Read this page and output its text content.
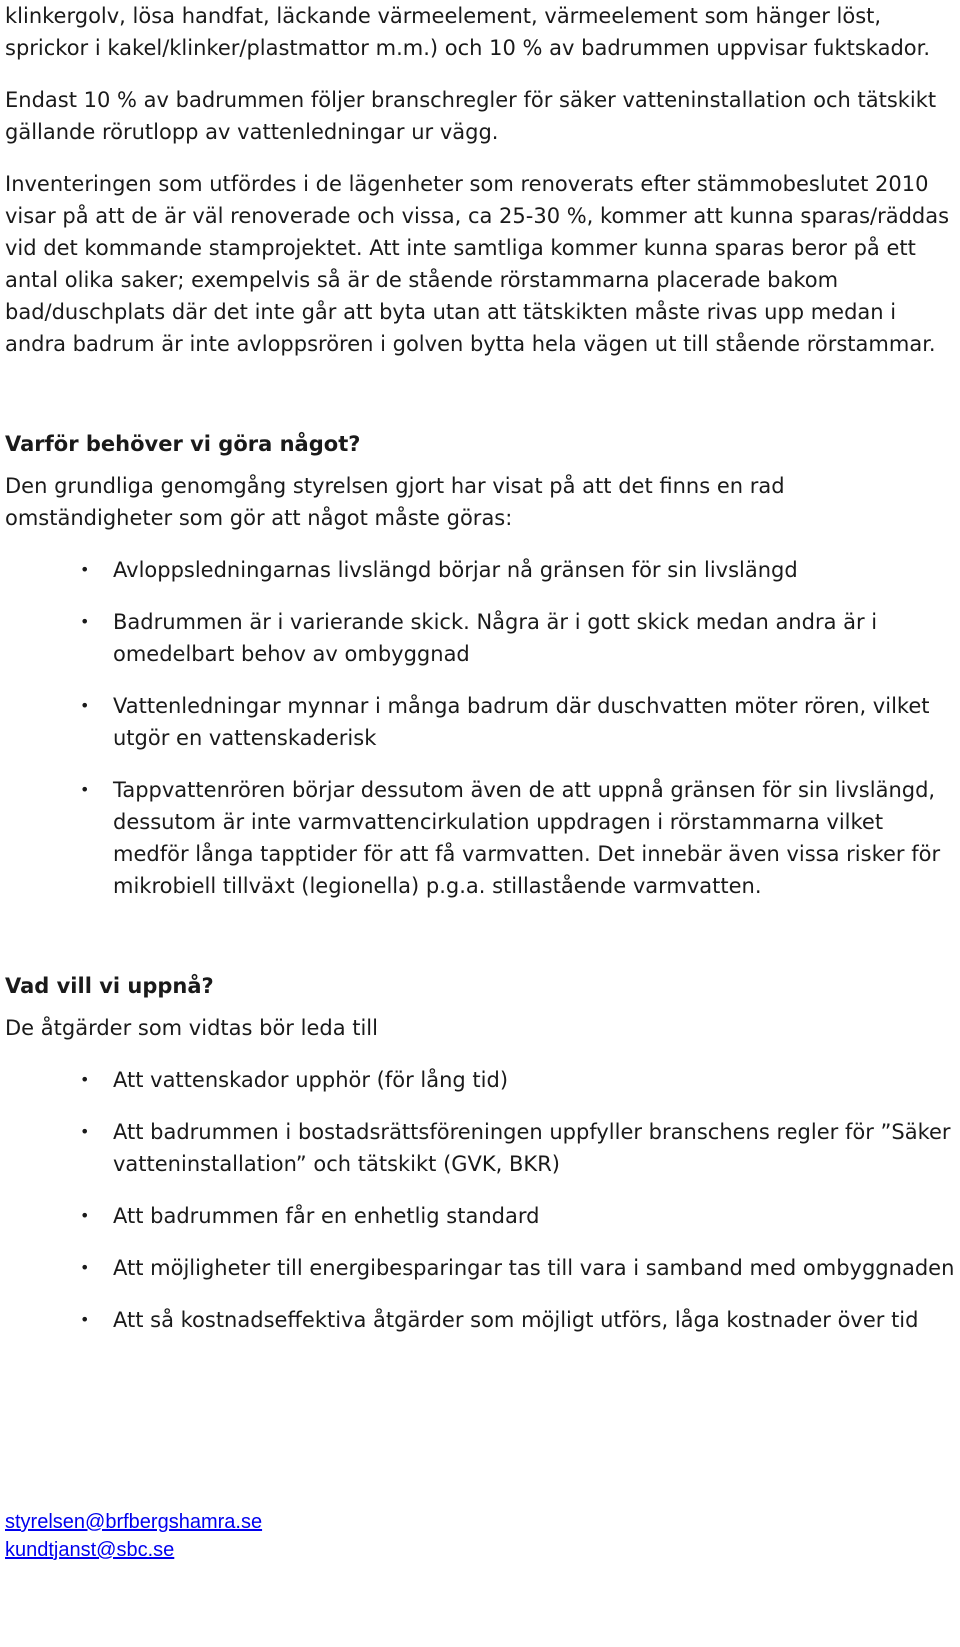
klinkergolv, lösa handfat, läckande värmeelement, värmeelement som hänger löst, sprickor i kakel/klinker/plastmattor m.m.) och 10 % av badrummen uppvisar fuktskador.

Endast 10 % av badrummen följer branschregler för säker vatteninstallation och tätskikt gällande rörutlopp av vattenledningar ur vägg.

Inventeringen som utfördes i de lägenheter som renoverats efter stämmobeslutet 2010 visar på att de är väl renoverade och vissa, ca 25-30 %, kommer att kunna sparas/räddas vid det kommande stamprojektet. Att inte samtliga kommer kunna sparas beror på ett antal olika saker; exempelvis så är de stående rörstammarna placerade bakom bad/duschplats där det inte går att byta utan att tätskikten måste rivas upp medan i andra badrum är inte avloppsrören i golven bytta hela vägen ut till stående rörstammar.

Varför behöver vi göra något?

Den grundliga genomgång styrelsen gjort har visat på att det finns en rad omständigheter som gör att något måste göras:

• Avloppsledningarnas livslängd börjar nå gränsen för sin livslängd
• Badrummen är i varierande skick. Några är i gott skick medan andra är i omedelbart behov av ombyggnad
• Vattenledningar mynnar i många badrum där duschvatten möter rören, vilket utgör en vattenskaderisk
• Tappvattenrören börjar dessutom även de att uppnå gränsen för sin livslängd, dessutom är inte varmvattencirkulation uppdragen i rörstammarna vilket medför långa tapptider för att få varmvatten. Det innebär även vissa risker för mikrobiell tillväxt (legionella) p.g.a. stillastående varmvatten.
Vad vill vi uppnå?

De åtgärder som vidtas bör leda till

• Att vattenskador upphör (för lång tid)
• Att badrummen i bostadsrättsföreningen uppfyller branschens regler för ”Säker vatteninstallation” och tätskikt (GVK, BKR)
• Att badrummen får en enhetlig standard
• Att möjligheter till energibesparingar tas till vara i samband med ombyggnaden
• Att så kostnadseffektiva åtgärder som möjligt utförs, låga kostnader över tid
styrelsen@brfbergshamra.se
kundtjanst@sbc.se
